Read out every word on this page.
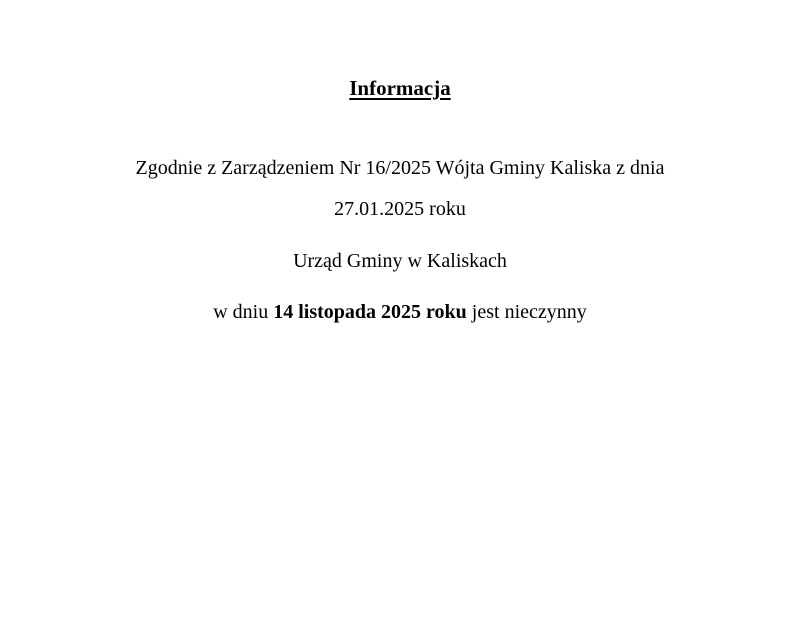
Informacja

Zgodnie z Zarządzeniem Nr 16/2025 Wójta Gminy Kaliska z dnia
27.01.2025 roku

Urząd Gminy w Kaliskach

w dniu 14 listopada 2025 roku jest nieczynny
